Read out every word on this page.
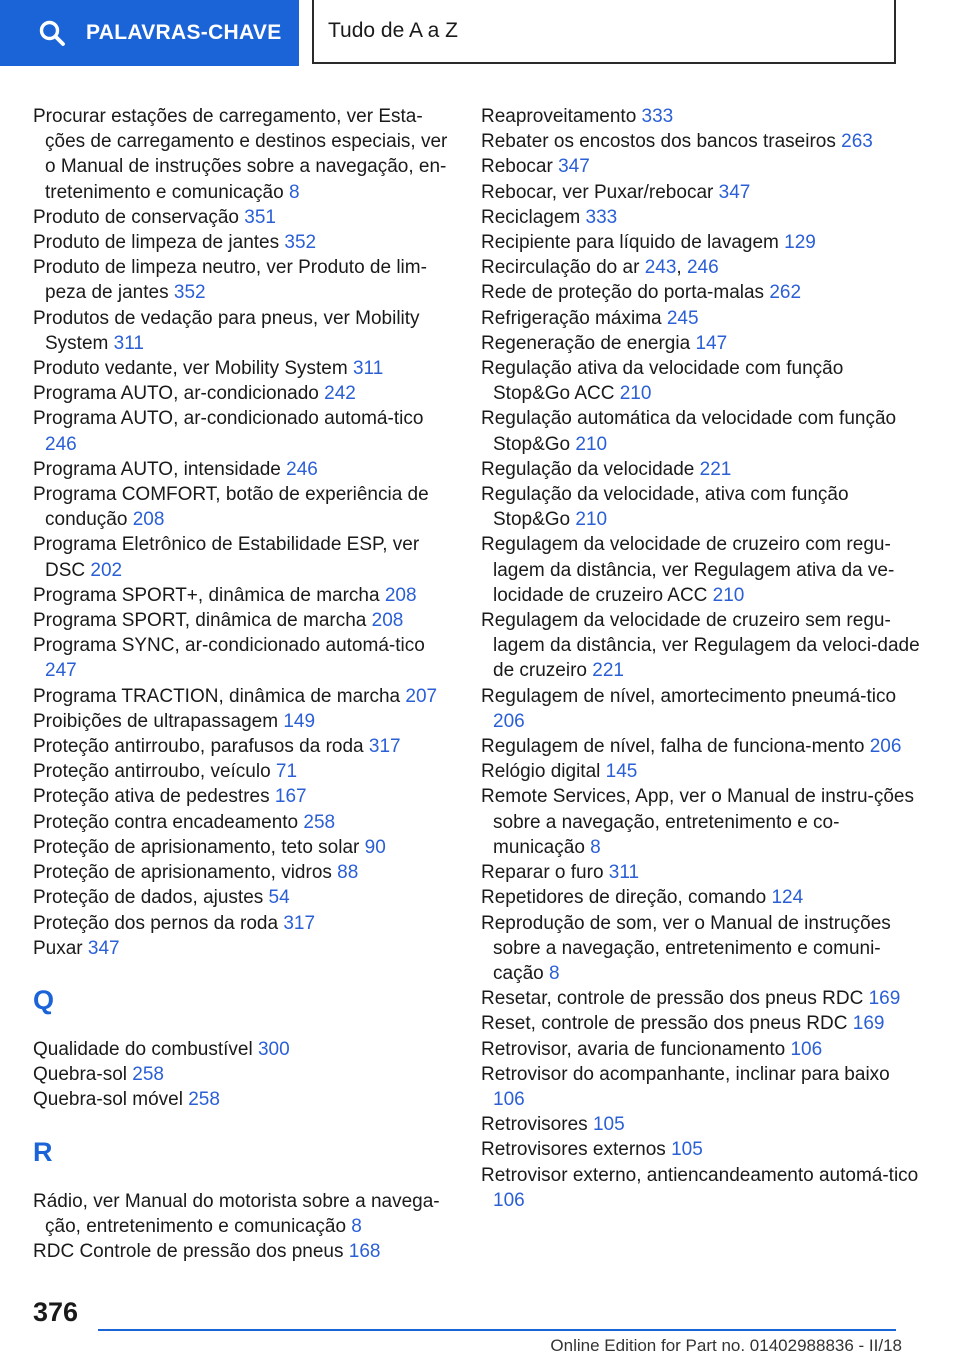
PALAVRAS-CHAVE Tudo de A a Z
Procurar estações de carregamento, ver Esta-ções de carregamento e destinos especiais, ver o Manual de instruções sobre a navegação, en-tretenimento e comunicação 8
Produto de conservação 351
Produto de limpeza de jantes 352
Produto de limpeza neutro, ver Produto de lim-peza de jantes 352
Produtos de vedação para pneus, ver Mobility System 311
Produto vedante, ver Mobility System 311
Programa AUTO, ar-condicionado 242
Programa AUTO, ar-condicionado automá-tico 246
Programa AUTO, intensidade 246
Programa COMFORT, botão de experiência de condução 208
Programa Eletrônico de Estabilidade ESP, ver DSC 202
Programa SPORT+, dinâmica de marcha 208
Programa SPORT, dinâmica de marcha 208
Programa SYNC, ar-condicionado automá-tico 247
Programa TRACTION, dinâmica de marcha 207
Proibições de ultrapassagem 149
Proteção antirroubo, parafusos da roda 317
Proteção antirroubo, veículo 71
Proteção ativa de pedestres 167
Proteção contra encadeamento 258
Proteção de aprisionamento, teto solar 90
Proteção de aprisionamento, vidros 88
Proteção de dados, ajustes 54
Proteção dos pernos da roda 317
Puxar 347
Q
Qualidade do combustível 300
Quebra-sol 258
Quebra-sol móvel 258
R
Rádio, ver Manual do motorista sobre a navega-ção, entretenimento e comunicação 8
RDC Controle de pressão dos pneus 168
Reaproveitamento 333
Rebater os encostos dos bancos traseiros 263
Rebocar 347
Rebocar, ver Puxar/rebocar 347
Reciclagem 333
Recipiente para líquido de lavagem 129
Recirculação do ar 243, 246
Rede de proteção do porta-malas 262
Refrigeração máxima 245
Regeneração de energia 147
Regulação ativa da velocidade com função Stop&Go ACC 210
Regulação automática da velocidade com função Stop&Go 210
Regulação da velocidade 221
Regulação da velocidade, ativa com função Stop&Go 210
Regulagem da velocidade de cruzeiro com regu-lagem da distância, ver Regulagem ativa da ve-locidade de cruzeiro ACC 210
Regulagem da velocidade de cruzeiro sem regu-lagem da distância, ver Regulagem da veloci-dade de cruzeiro 221
Regulagem de nível, amortecimento pneumá-tico 206
Regulagem de nível, falha de funciona-mento 206
Relógio digital 145
Remote Services, App, ver o Manual de instru-ções sobre a navegação, entretenimento e co-municação 8
Reparar o furo 311
Repetidores de direção, comando 124
Reprodução de som, ver o Manual de instruções sobre a navegação, entretenimento e comuni-cação 8
Resetar, controle de pressão dos pneus RDC 169
Reset, controle de pressão dos pneus RDC 169
Retrovisor, avaria de funcionamento 106
Retrovisor do acompanhante, inclinar para baixo 106
Retrovisores 105
Retrovisores externos 105
Retrovisor externo, antiencandeamento automá-tico 106
376
Online Edition for Part no. 01402988836 - II/18
